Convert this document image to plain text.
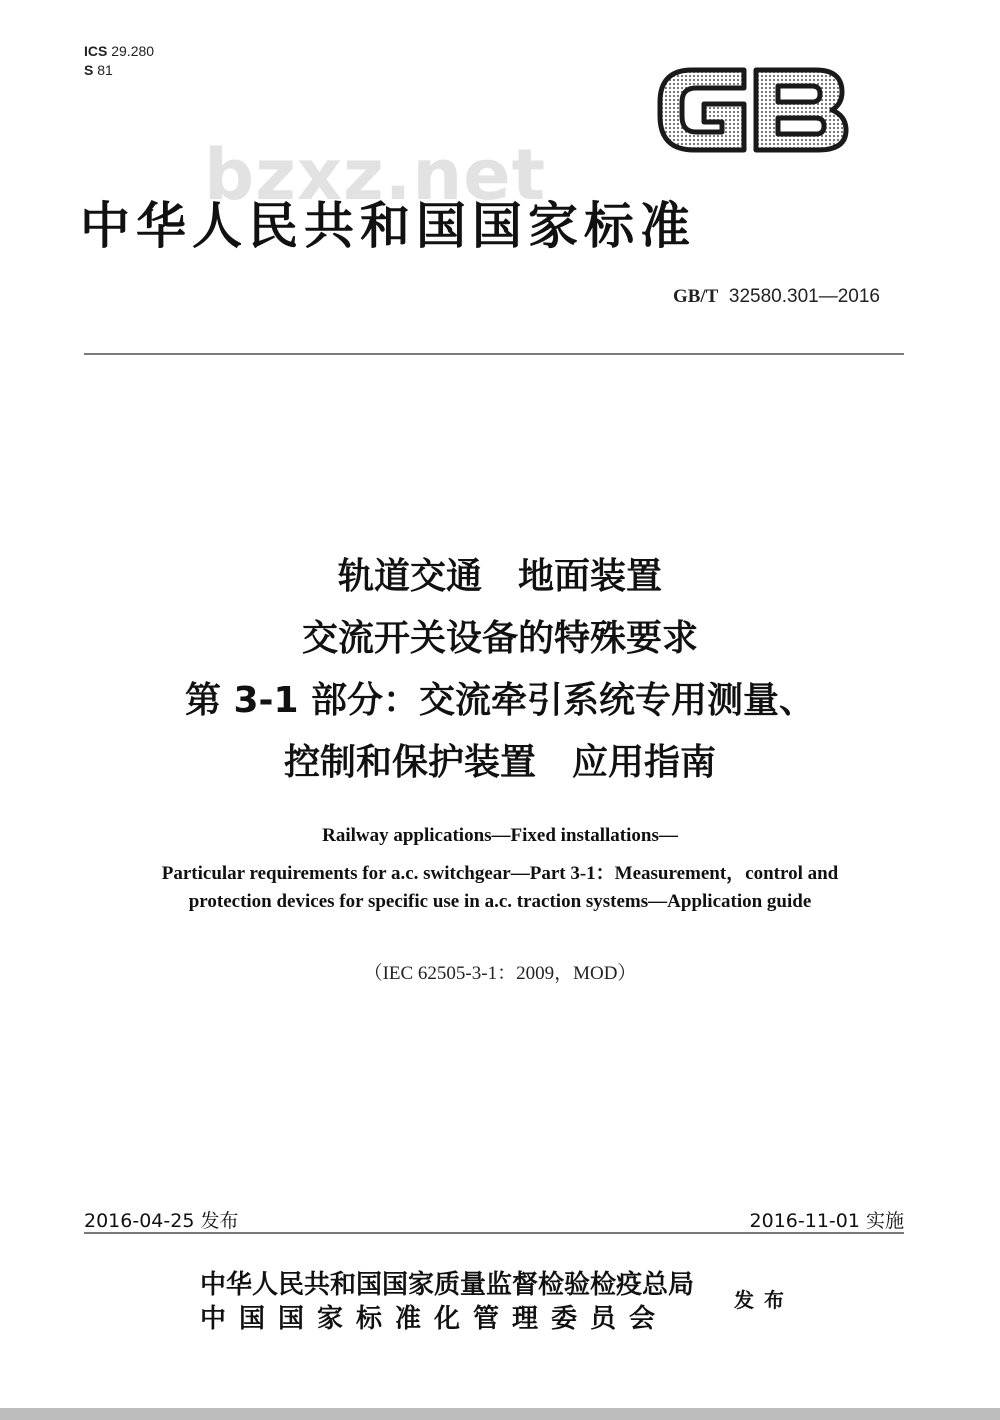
ICS 29.280
S 81
bzxz.net
中华人民共和国国家标准
GB/T 32580.301—2016
轨道交通　地面装置
交流开关设备的特殊要求
第 3-1 部分：交流牵引系统专用测量、
控制和保护装置　应用指南
Railway applications—Fixed installations—
Particular requirements for a.c. switchgear—Part 3-1：Measurement，control and
protection devices for specific use in a.c. traction systems—Application guide
（IEC 62505-3-1：2009，MOD）
2016-04-25 发布	2016-11-01 实施
中华人民共和国国家质量监督检验检疫总局
中国国家标准化管理委员会
发布
